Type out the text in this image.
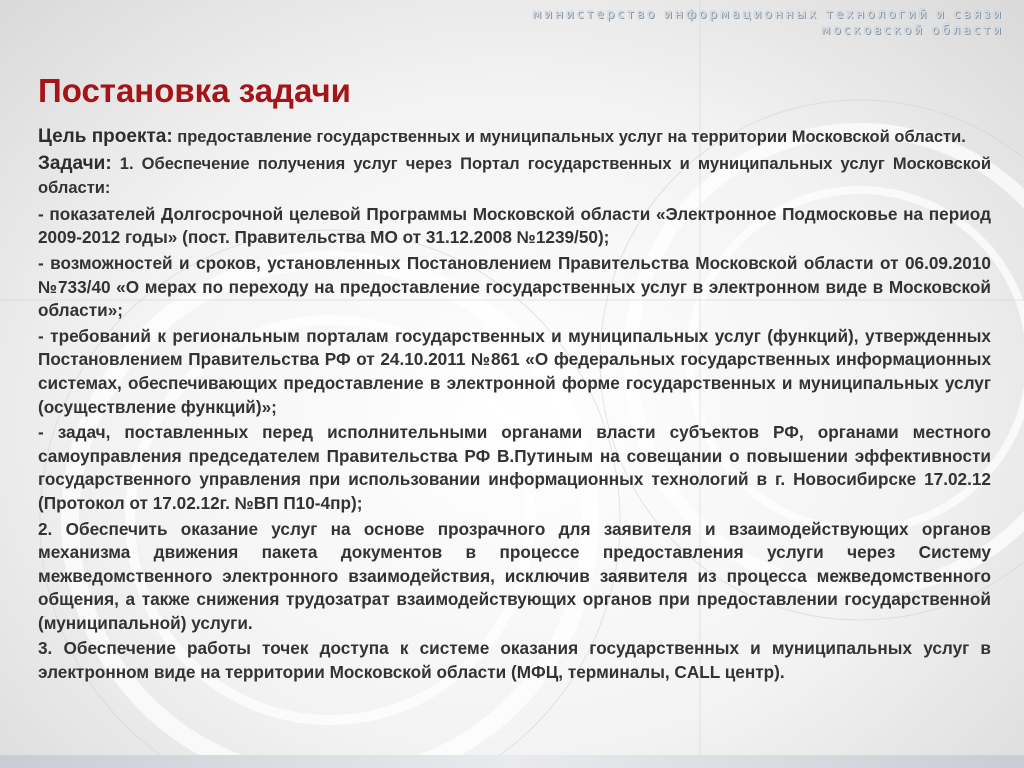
министерство информационных технологий и связи
московской области
Постановка задачи

Цель проекта: предоставление государственных и муниципальных услуг на территории Московской области.

Задачи: 1. Обеспечение получения услуг через Портал государственных и муниципальных услуг Московской области:

- показателей Долгосрочной целевой Программы Московской области «Электронное Подмосковье на период 2009-2012 годы» (пост. Правительства МО от 31.12.2008 №1239/50);

- возможностей и сроков, установленных Постановлением Правительства Московской области от 06.09.2010 №733/40 «О мерах по переходу на предоставление государственных услуг в электронном виде в Московской области»;

- требований к региональным порталам государственных и муниципальных услуг (функций), утвержденных Постановлением Правительства РФ от 24.10.2011 №861 «О федеральных государственных информационных системах, обеспечивающих предоставление в электронной форме государственных и муниципальных услуг (осуществление функций)»;

- задач, поставленных перед исполнительными органами власти субъектов РФ, органами местного самоуправления председателем Правительства РФ В.Путиным на совещании о повышении эффективности государственного управления при использовании информационных технологий в г. Новосибирске 17.02.12 (Протокол от 17.02.12г. №ВП П10-4пр);

2. Обеспечить оказание услуг на основе прозрачного для заявителя и взаимодействующих органов механизма движения пакета документов в процессе предоставления услуги через Систему межведомственного электронного взаимодействия, исключив заявителя из процесса межведомственного общения, а также снижения трудозатрат взаимодействующих органов при предоставлении государственной (муниципальной) услуги.

3. Обеспечение работы точек доступа к системе оказания государственных и муниципальных услуг в электронном виде на территории Московской области (МФЦ, терминалы, CALL центр).
